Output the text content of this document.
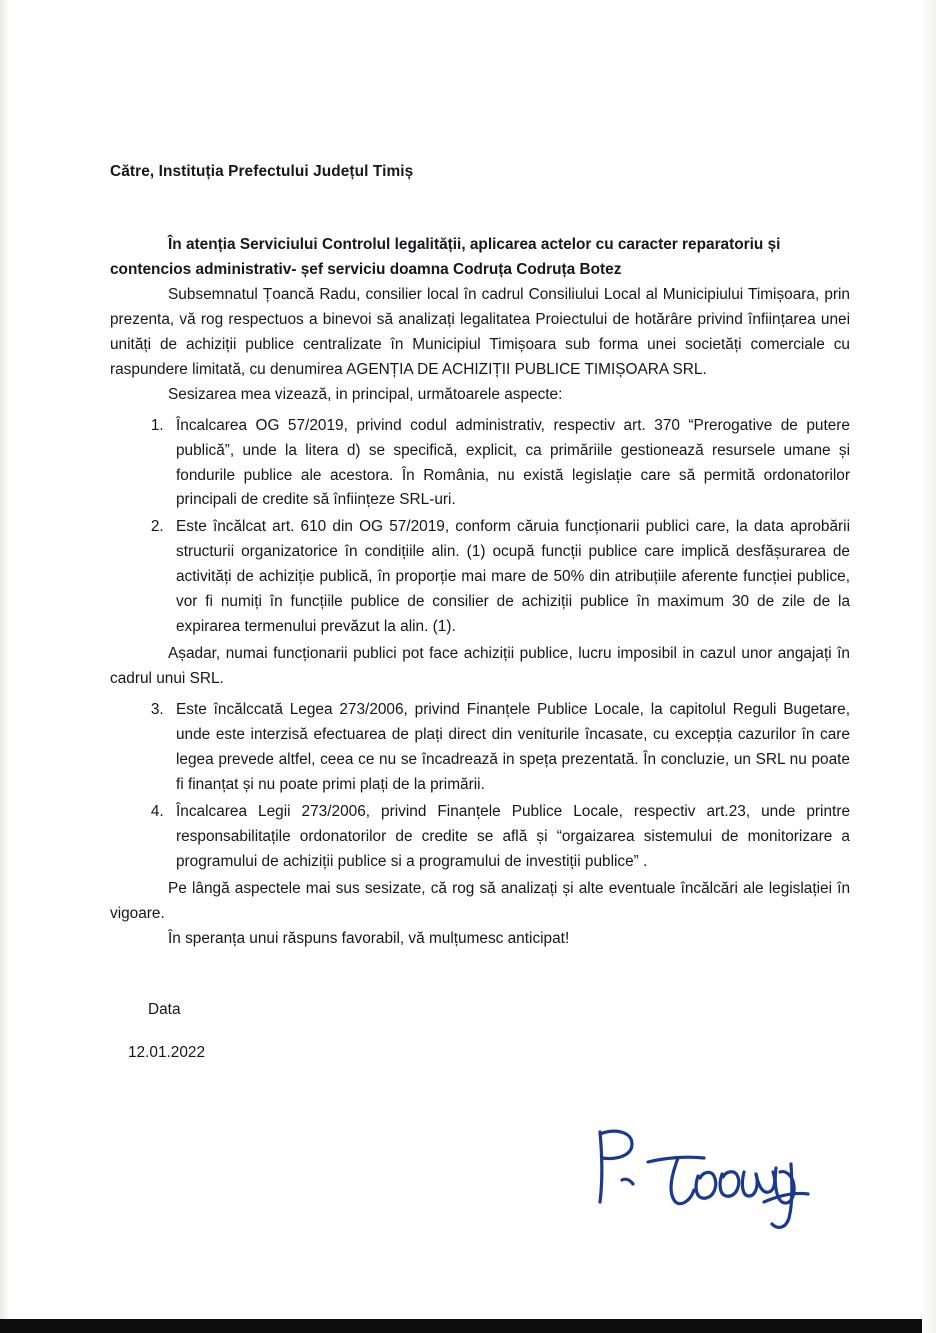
Către, Instituția Prefectului Județul Timiș
În atenția Serviciului Controlul legalității, aplicarea actelor cu caracter reparatoriu și
contencios administrativ- șef serviciu doamna Codruța Codruța Botez

Subsemnatul Țoancă Radu, consilier local în cadrul Consiliului Local al Municipiului Timișoara, prin prezenta, vă rog respectuos a binevoi să analizați legalitatea Proiectului de hotărâre privind înființarea unei unități de achiziții publice centralizate în Municipiul Timișoara sub forma unei societăți comerciale cu raspundere limitată, cu denumirea AGENȚIA DE ACHIZIȚII PUBLICE TIMIȘOARA SRL.

Sesizarea mea vizează, in principal, următoarele aspecte:

1. Încalcarea OG 57/2019, privind codul administrativ, respectiv art. 370 “Prerogative de putere publică”, unde la litera d) se specifică, explicit, ca primăriile gestionează resursele umane și fondurile publice ale acestora. În România, nu există legislație care să permită ordonatorilor principali de credite să înființeze SRL-uri.
2. Este încălcat art. 610 din OG 57/2019, conform căruia funcționarii publici care, la data aprobării structurii organizatorice în condițiile alin. (1) ocupă funcții publice care implică desfășurarea de activități de achiziție publică, în proporție mai mare de 50% din atribuțiile aferente funcției publice, vor fi numiți în funcțiile publice de consilier de achiziții publice în maximum 30 de zile de la expirarea termenului prevăzut la alin. (1).

Așadar, numai funcționarii publici pot face achiziții publice, lucru imposibil in cazul unor angajați în cadrul unui SRL.

3. Este încălccată Legea 273/2006, privind Finanțele Publice Locale, la capitolul Reguli Bugetare, unde este interzisă efectuarea de plați direct din veniturile încasate, cu excepția cazurilor în care legea prevede altfel, ceea ce nu se încadrează in speța prezentată. În concluzie, un SRL nu poate fi finanțat și nu poate primi plați de la primării.
4. Încalcarea Legii 273/2006, privind Finanțele Publice Locale, respectiv art.23, unde printre responsabilitațile ordonatorilor de credite se află și “orgaizarea sistemului de monitorizare a programului de achiziții publice si a programului de investiții publice” .

Pe lângă aspectele mai sus sesizate, că rog să analizați și alte eventuale încălcări ale legislației în vigoare.

În speranța unui răspuns favorabil, vă mulțumesc anticipat!

Data
12.01.2022
